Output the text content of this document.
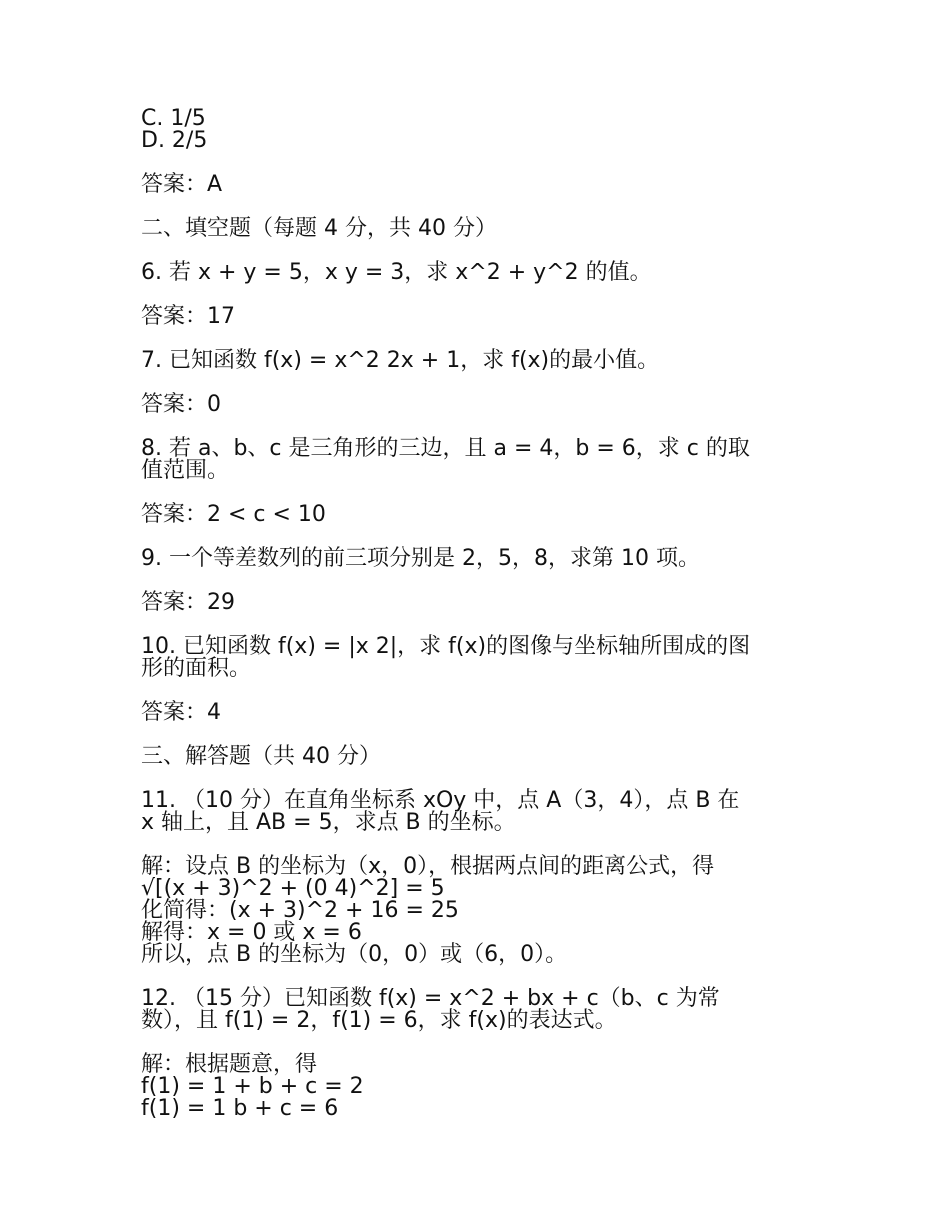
C. 1/5
D. 2/5
答案：A
二、填空题（每题 4 分，共 40 分）
6. 若 x + y = 5，x y = 3，求 x^2 + y^2 的值。
答案：17
7. 已知函数 f(x) = x^2 2x + 1，求 f(x)的最小值。
答案：0
8. 若 a、b、c 是三角形的三边，且 a = 4，b = 6，求 c 的取
值范围。
答案：2 < c < 10
9. 一个等差数列的前三项分别是 2，5，8，求第 10 项。
答案：29
10. 已知函数 f(x) = |x 2|，求 f(x)的图像与坐标轴所围成的图
形的面积。
答案：4
三、解答题（共 40 分）
11. （10 分）在直角坐标系 xOy 中，点 A（3，4），点 B 在
x 轴上，且 AB = 5，求点 B 的坐标。
解：设点 B 的坐标为（x，0），根据两点间的距离公式，得
√[(x + 3)^2 + (0 4)^2] = 5
化简得：(x + 3)^2 + 16 = 25
解得：x = 0 或 x = 6
所以，点 B 的坐标为（0，0）或（6，0）。
12. （15 分）已知函数 f(x) = x^2 + bx + c（b、c 为常
数），且 f(1) = 2，f(1) = 6，求 f(x)的表达式。
解：根据题意，得
f(1) = 1 + b + c = 2
f(1) = 1 b + c = 6
